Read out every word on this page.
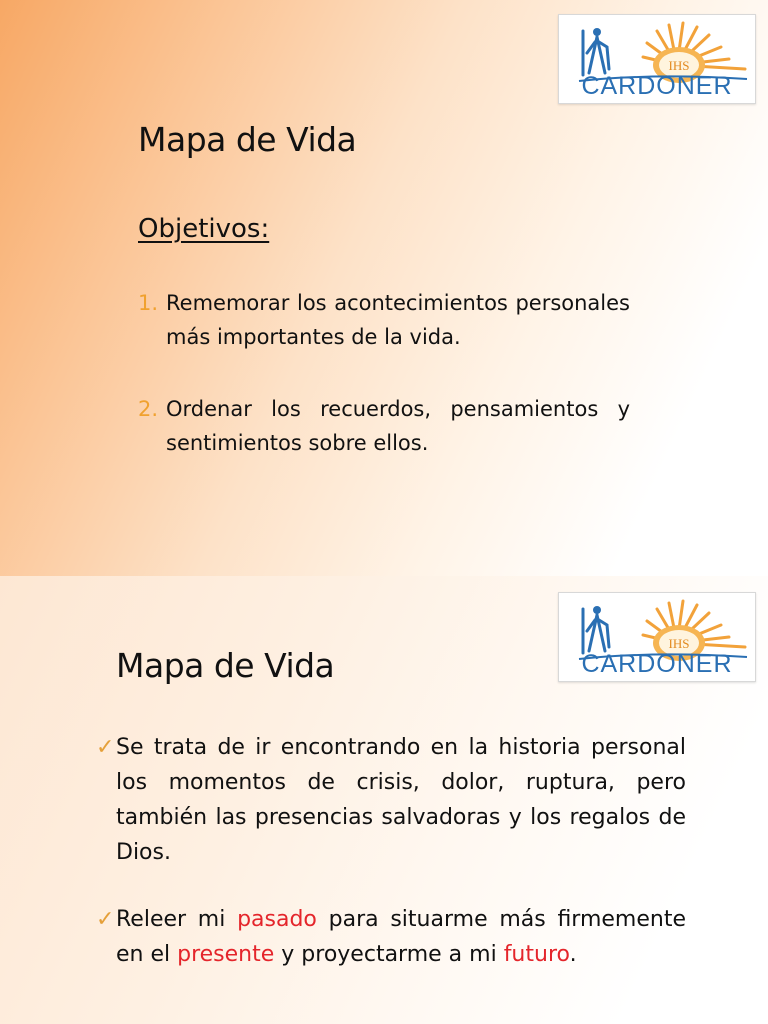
IHS
CARDONER
Mapa de Vida
Objetivos:
1. Rememorar los acontecimientos personales más importantes de la vida.
2. Ordenar los recuerdos, pensamientos y sentimientos sobre ellos.
IHS
CARDONER
Mapa de Vida
✓ Se trata de ir encontrando en la historia personal los momentos de crisis, dolor, ruptura, pero también las presencias salvadoras y los regalos de Dios.
✓ Releer mi pasado para situarme más firmemente en el presente y proyectarme a mi futuro.
